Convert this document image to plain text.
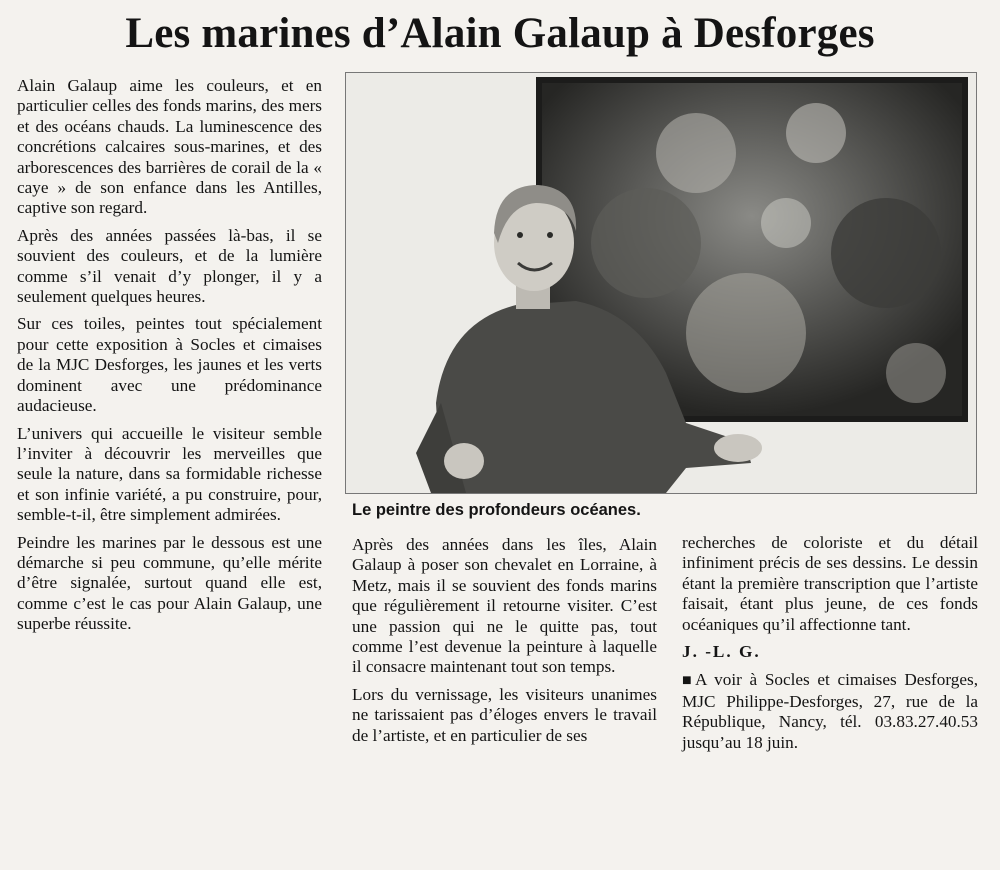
Les marines d’Alain Galaup à Desforges

Alain Galaup aime les couleurs, et en particulier celles des fonds marins, des mers et des océans chauds. La luminescence des concrétions calcaires sous-marines, et des arborescences des barrières de corail de la « caye » de son enfance dans les Antilles, captive son regard.

Après des années passées là-bas, il se souvient des couleurs, et de la lumière comme s’il venait d’y plonger, il y a seulement quelques heures.

Sur ces toiles, peintes tout spécialement pour cette exposition à Socles et cimaises de la MJC Desforges, les jaunes et les verts dominent avec une prédominance audacieuse.

L’univers qui accueille le visiteur semble l’inviter à découvrir les merveilles que seule la nature, dans sa formidable richesse et son infinie variété, a pu construire, pour, semble-t-il, être simplement admirées.

Peindre les marines par le dessous est une démarche si peu commune, qu’elle mérite d’être signalée, surtout quand elle est, comme c’est le cas pour Alain Galaup, une superbe réussite.

Le peintre des profondeurs océanes.

Après des années dans les îles, Alain Galaup à poser son chevalet en Lorraine, à Metz, mais il se souvient des fonds marins que régulièrement il retourne visiter. C’est une passion qui ne le quitte pas, tout comme l’est devenue la peinture à laquelle il consacre maintenant tout son temps.

Lors du vernissage, les visiteurs unanimes ne tarissaient pas d’éloges envers le travail de l’artiste, et en particulier de ses

recherches de coloriste et du détail infiniment précis de ses dessins. Le dessin étant la première transcription que l’artiste faisait, étant plus jeune, de ces fonds océaniques qu’il affectionne tant.

J. -L. G.

■A voir à Socles et cimaises Desforges, MJC Philippe-Desforges, 27, rue de la République, Nancy, tél. 03.83.27.40.53 jusqu’au 18 juin.
